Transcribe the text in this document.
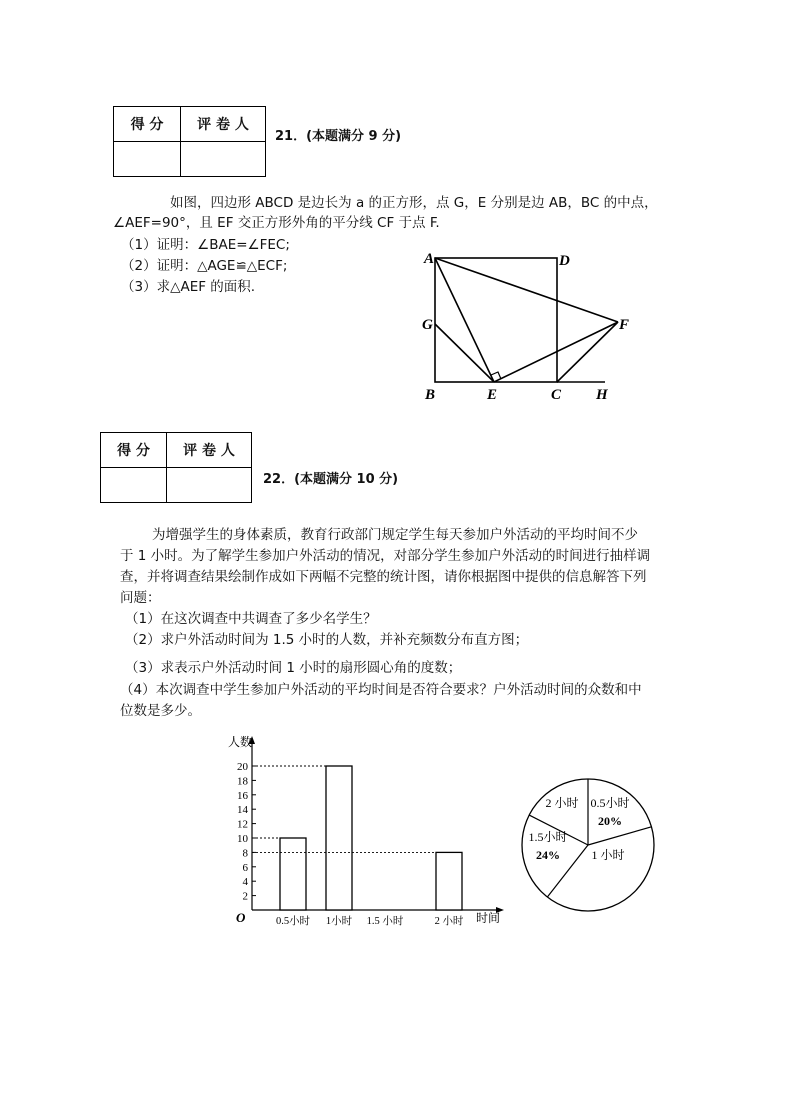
得 分	评 卷 人

21．(本题满分 9 分)
如图，四边形 ABCD 是边长为 a 的正方形，点 G，E 分别是边 AB，BC 的中点，
∠AEF=90°，且 EF 交正方形外角的平分线 CF 于点 F.
（1）证明：∠BAE=∠FEC;
（2）证明：△AGE≌△ECF;
（3）求△AEF 的面积.
A	D
G	F
B	E	C H
得 分	评 卷 人

22．(本题满分 10 分)
为增强学生的身体素质，教育行政部门规定学生每天参加户外活动的平均时间不少
于 1 小时。为了解学生参加户外活动的情况，对部分学生参加户外活动的时间进行抽样调
查，并将调查结果绘制作成如下两幅不完整的统计图，请你根据图中提供的信息解答下列
问题：
（1）在这次调查中共调查了多少名学生？
（2）求户外活动时间为 1.5 小时的人数，并补充频数分布直方图；
（3）求表示户外活动时间 1 小时的扇形圆心角的度数；
（4）本次调查中学生参加户外活动的平均时间是否符合要求？户外活动时间的众数和中
位数是多少。
2
4
6
8
10
12
14
16
18
20
0.5小时 1小时 1.5 小时	2 小时
人数
时间
O
0.5小时
20%
1 小时
1.5小时
24%
2 小时
